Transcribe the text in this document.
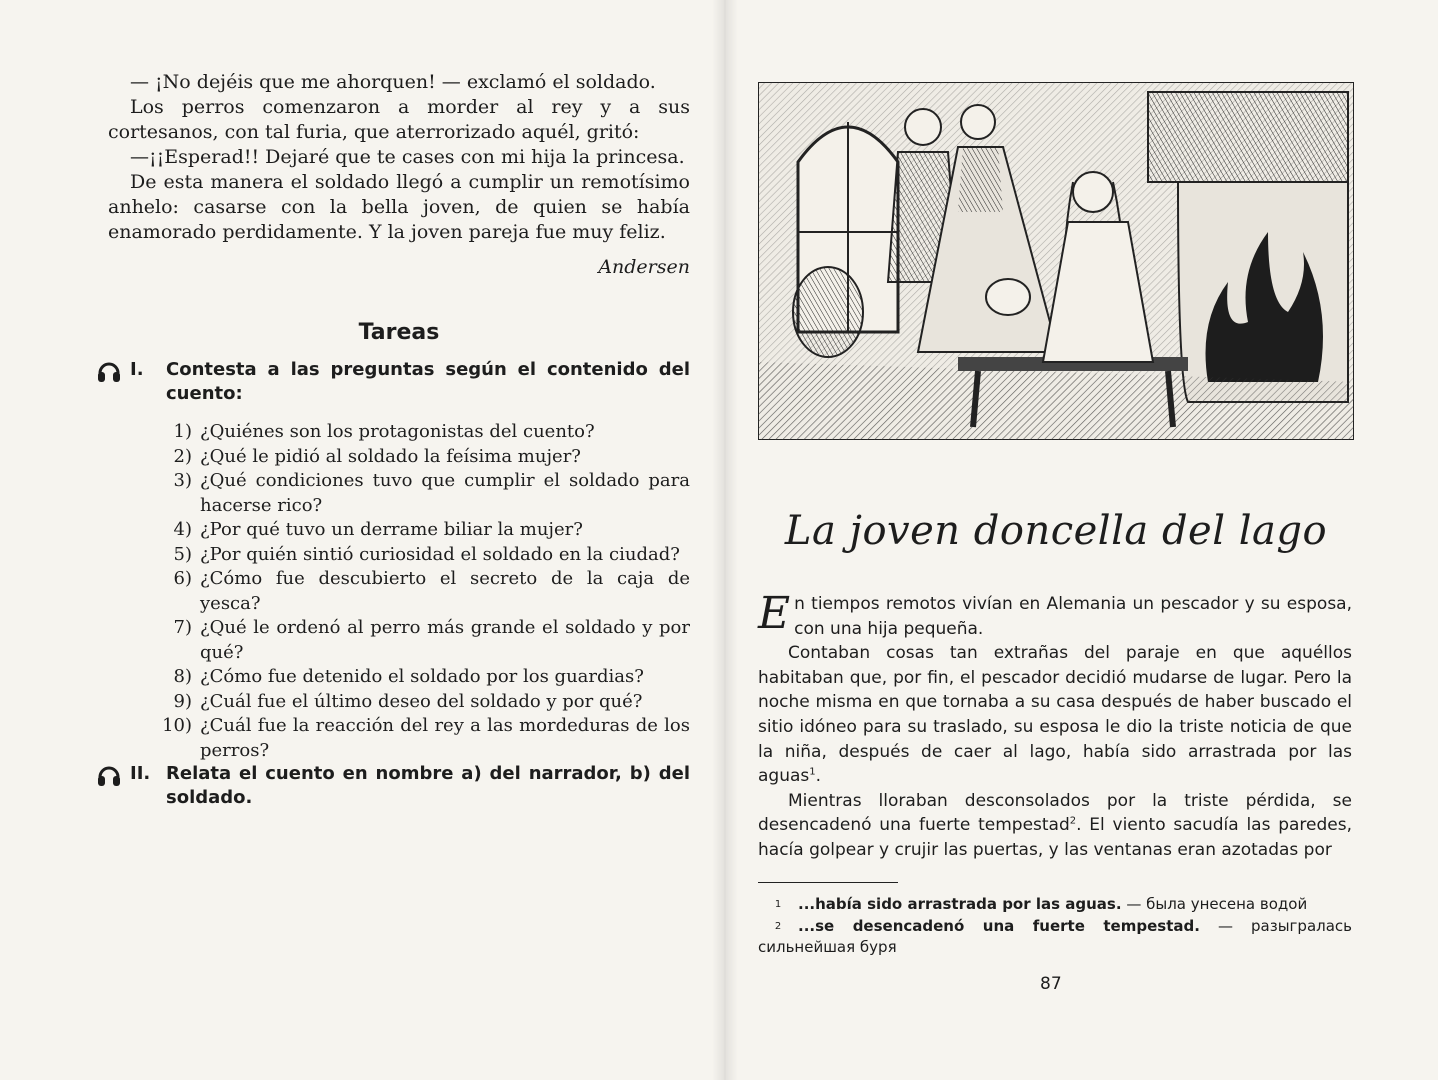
— ¡No dejéis que me ahorquen! — exclamó el soldado.

Los perros comenzaron a morder al rey y a sus cortesanos, con tal furia, que aterrorizado aquél, gritó:

—¡¡Esperad!! Dejaré que te cases con mi hija la princesa.

De esta manera el soldado llegó a cumplir un remotísimo anhelo: casarse con la bella joven, de quien se había enamorado perdidamente. Y la joven pareja fue muy feliz.

Andersen
Tareas
I. Contesta a las preguntas según el contenido del cuento:
1) ¿Quiénes son los protagonistas del cuento?
2) ¿Qué le pidió al soldado la feísima mujer?
3) ¿Qué condiciones tuvo que cumplir el soldado para hacerse rico?
4) ¿Por qué tuvo un derrame biliar la mujer?
5) ¿Por quién sintió curiosidad el soldado en la ciudad?
6) ¿Cómo fue descubierto el secreto de la caja de yesca?
7) ¿Qué le ordenó al perro más grande el soldado y por qué?
8) ¿Cómo fue detenido el soldado por los guardias?
9) ¿Cuál fue el último deseo del soldado y por qué?
10) ¿Cuál fue la reacción del rey a las mordeduras de los perros?
II. Relata el cuento en nombre a) del narrador, b) del soldado.
La joven doncella del lago

En tiempos remotos vivían en Alemania un pescador y su esposa, con una hija pequeña.

Contaban cosas tan extrañas del paraje en que aquéllos habitaban que, por fin, el pescador decidió mudarse de lugar. Pero la noche misma en que tornaba a su casa después de haber buscado el sitio idóneo para su traslado, su esposa le dio la triste noticia de que la niña, después de caer al lago, había sido arrastrada por las aguas$^1$.

Mientras lloraban desconsolados por la triste pérdida, se desencadenó una fuerte tempestad$^2$. El viento sacudía las paredes, hacía golpear y crujir las puertas, y las ventanas eran azotadas por

1 ...había sido arrastrada por las aguas. — была унесена водой
2 ...se desencadenó una fuerte tempestad. — разыгралась сильнейшая буря
87
